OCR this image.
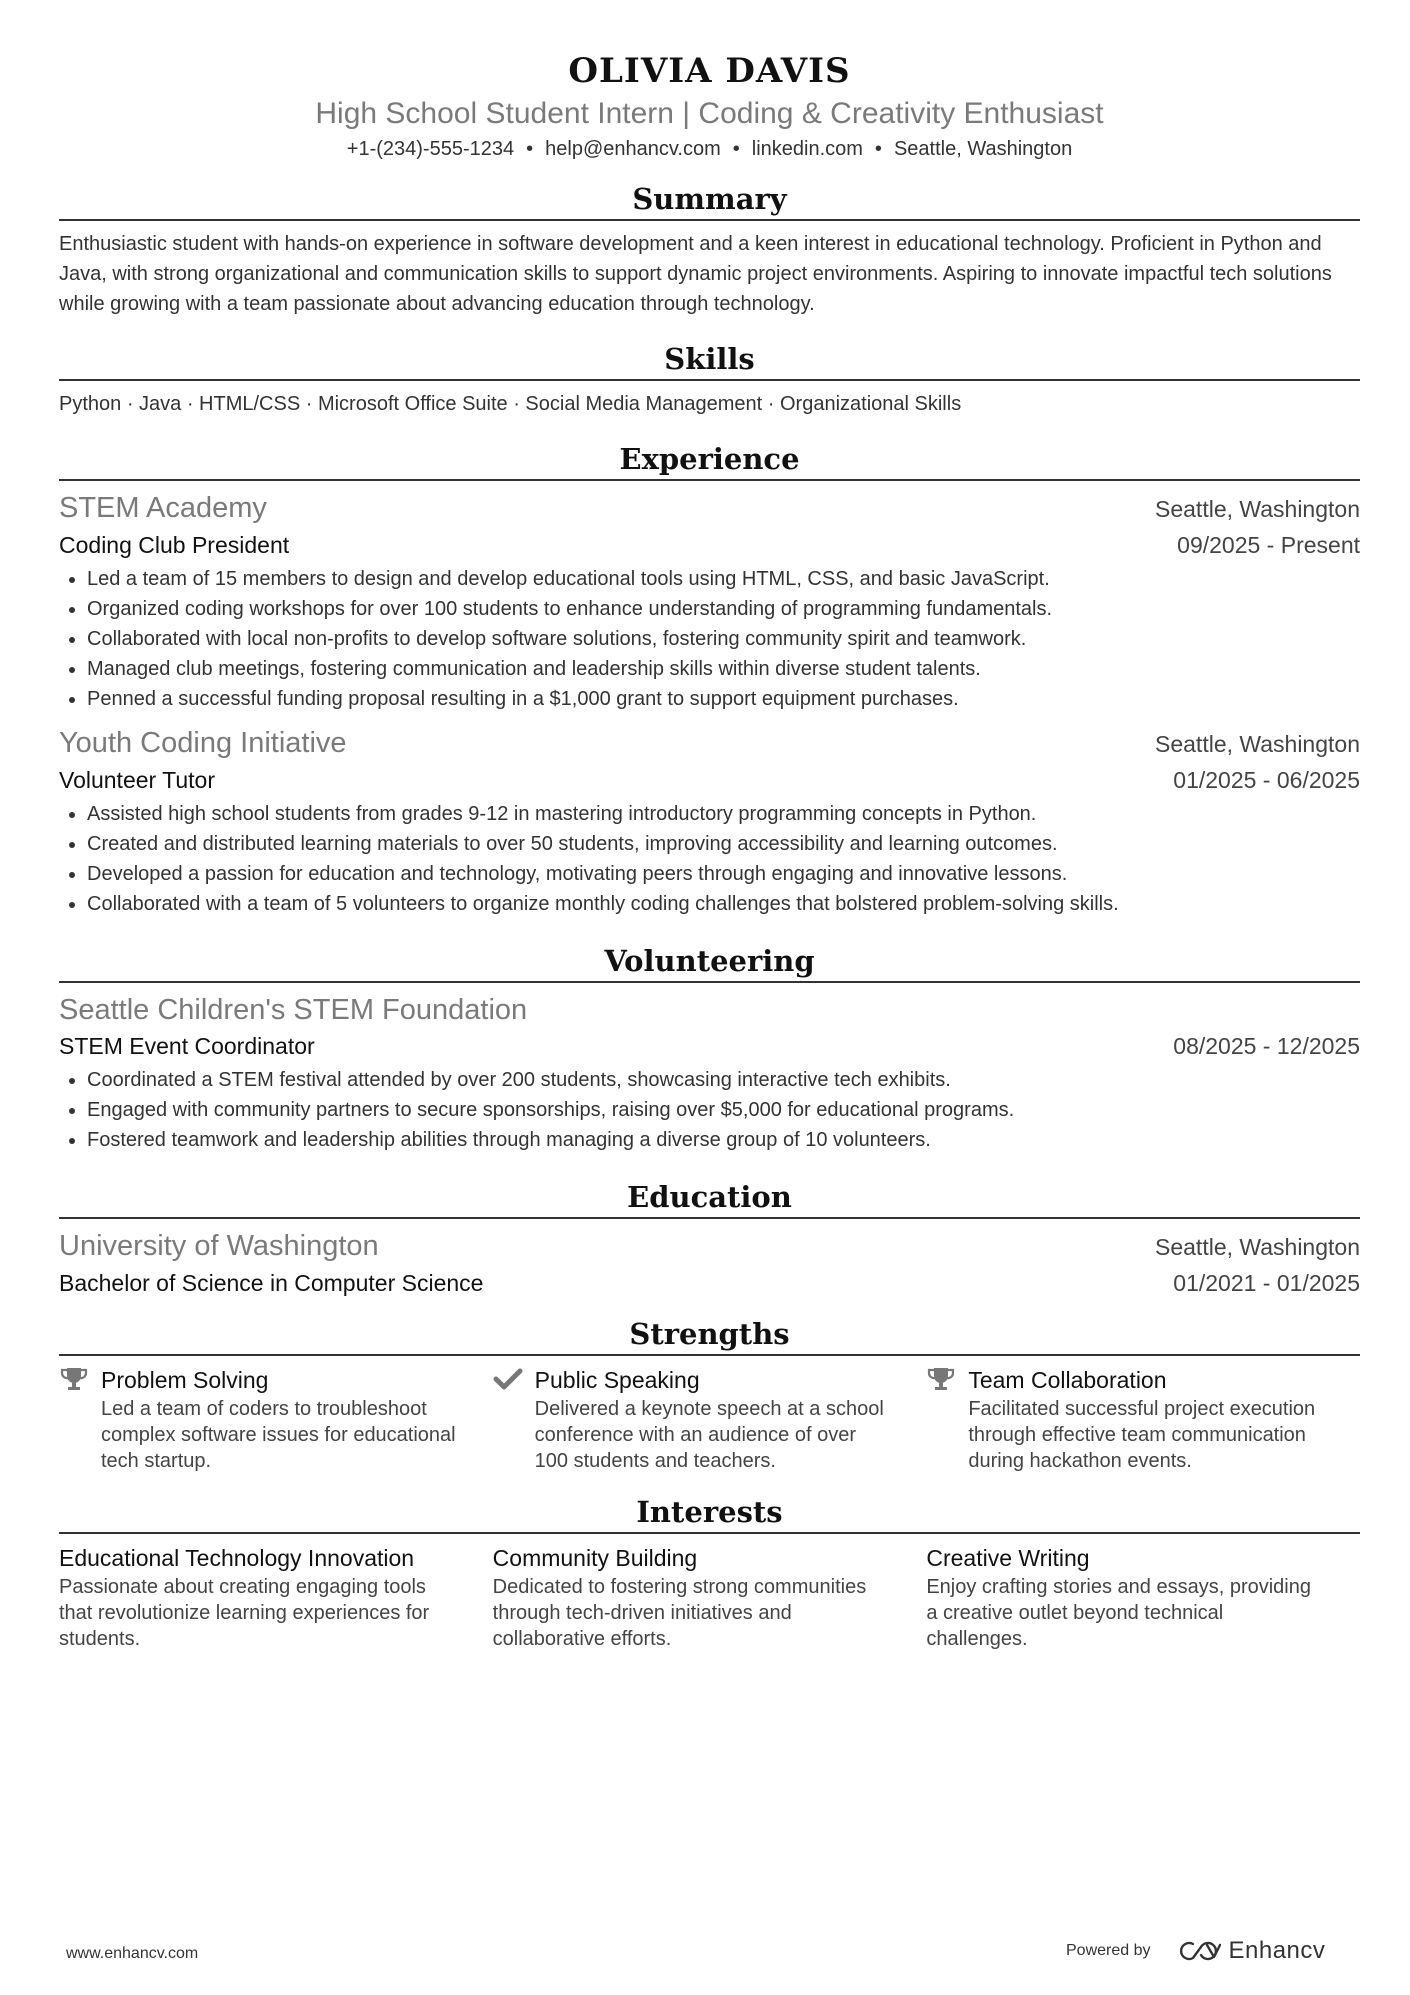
OLIVIA DAVIS
High School Student Intern | Coding & Creativity Enthusiast
+1-(234)-555-1234 • help@enhancv.com • linkedin.com • Seattle, Washington
Summary
Enthusiastic student with hands-on experience in software development and a keen interest in educational technology. Proficient in Python and Java, with strong organizational and communication skills to support dynamic project environments. Aspiring to innovate impactful tech solutions while growing with a team passionate about advancing education through technology.
Skills
Python · Java · HTML/CSS · Microsoft Office Suite · Social Media Management · Organizational Skills
Experience
STEM Academy	Seattle, Washington
Coding Club President	09/2025 - Present
• Led a team of 15 members to design and develop educational tools using HTML, CSS, and basic JavaScript.
• Organized coding workshops for over 100 students to enhance understanding of programming fundamentals.
• Collaborated with local non-profits to develop software solutions, fostering community spirit and teamwork.
• Managed club meetings, fostering communication and leadership skills within diverse student talents.
• Penned a successful funding proposal resulting in a $1,000 grant to support equipment purchases.
Youth Coding Initiative	Seattle, Washington
Volunteer Tutor	01/2025 - 06/2025
• Assisted high school students from grades 9-12 in mastering introductory programming concepts in Python.
• Created and distributed learning materials to over 50 students, improving accessibility and learning outcomes.
• Developed a passion for education and technology, motivating peers through engaging and innovative lessons.
• Collaborated with a team of 5 volunteers to organize monthly coding challenges that bolstered problem-solving skills.
Volunteering
Seattle Children's STEM Foundation
STEM Event Coordinator	08/2025 - 12/2025
• Coordinated a STEM festival attended by over 200 students, showcasing interactive tech exhibits.
• Engaged with community partners to secure sponsorships, raising over $5,000 for educational programs.
• Fostered teamwork and leadership abilities through managing a diverse group of 10 volunteers.
Education
University of Washington	Seattle, Washington
Bachelor of Science in Computer Science	01/2021 - 01/2025
Strengths
Problem Solving
Led a team of coders to troubleshoot complex software issues for educational tech startup.
Public Speaking
Delivered a keynote speech at a school conference with an audience of over 100 students and teachers.
Team Collaboration
Facilitated successful project execution through effective team communication during hackathon events.
Interests
Educational Technology Innovation
Passionate about creating engaging tools that revolutionize learning experiences for students.
Community Building
Dedicated to fostering strong communities through tech-driven initiatives and collaborative efforts.
Creative Writing
Enjoy crafting stories and essays, providing a creative outlet beyond technical challenges.
www.enhancv.com	Powered by	Enhancv
